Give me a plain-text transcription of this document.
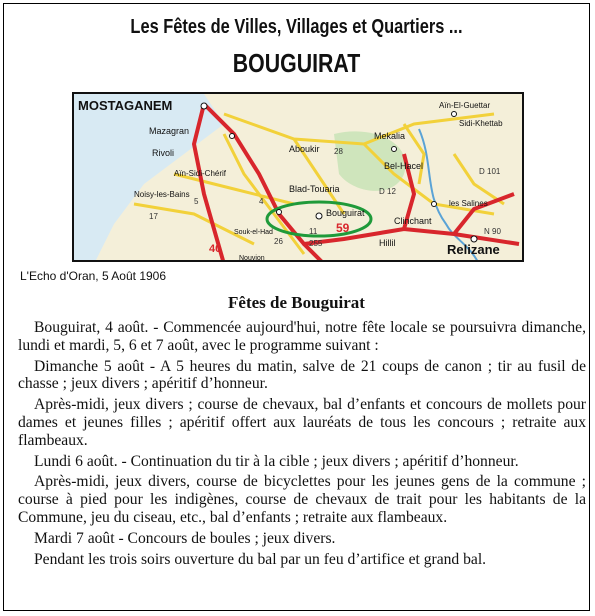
Les Fêtes de Villes, Villages et Quartiers ...
BOUGUIRAT
MOSTAGANEM
Mazagran
Rivoli
Aïn-Sidi-Chérif
Noisy-les-Bains
Aboukir
Blad-Touaria
Bouguirat
Mekalia
Bel-Hacel
Aïn-El-Guettar
Sidi-Khettab
les Salines
Clinchant
Hillil	Relizane
Souk-el-Had
Nouvion
40
59
11
17
26
D 12
D 101
255
28
5	4
N 90
L'Echo d'Oran, 5 Août 1906
Fêtes de Bouguirat

Bouguirat, 4 août. - Commencée aujourd'hui, notre fête locale se poursuivra dimanche, lundi et mardi, 5, 6 et 7 août, avec le programme suivant :

Dimanche 5 août - A 5 heures du matin, salve de 21 coups de canon ; tir au fusil de chasse ; jeux divers ; apéritif d’honneur.

Après-midi, jeux divers ; course de chevaux, bal d’enfants et concours de mollets pour dames et jeunes filles ; apéritif offert aux lauréats de tous les concours ; retraite aux flambeaux.

Lundi 6 août. - Continuation du tir à la cible ; jeux divers ; apéritif d’honneur.

Après-midi, jeux divers, course de bicyclettes pour les jeunes gens de la commune ; course à pied pour les indigènes, course de chevaux de trait pour les habitants de la Commune, jeu du ciseau, etc., bal d’enfants ; retraite aux flambeaux.

Mardi 7 août - Concours de boules ; jeux divers.

Pendant les trois soirs ouverture du bal par un feu d’artifice et grand bal.
